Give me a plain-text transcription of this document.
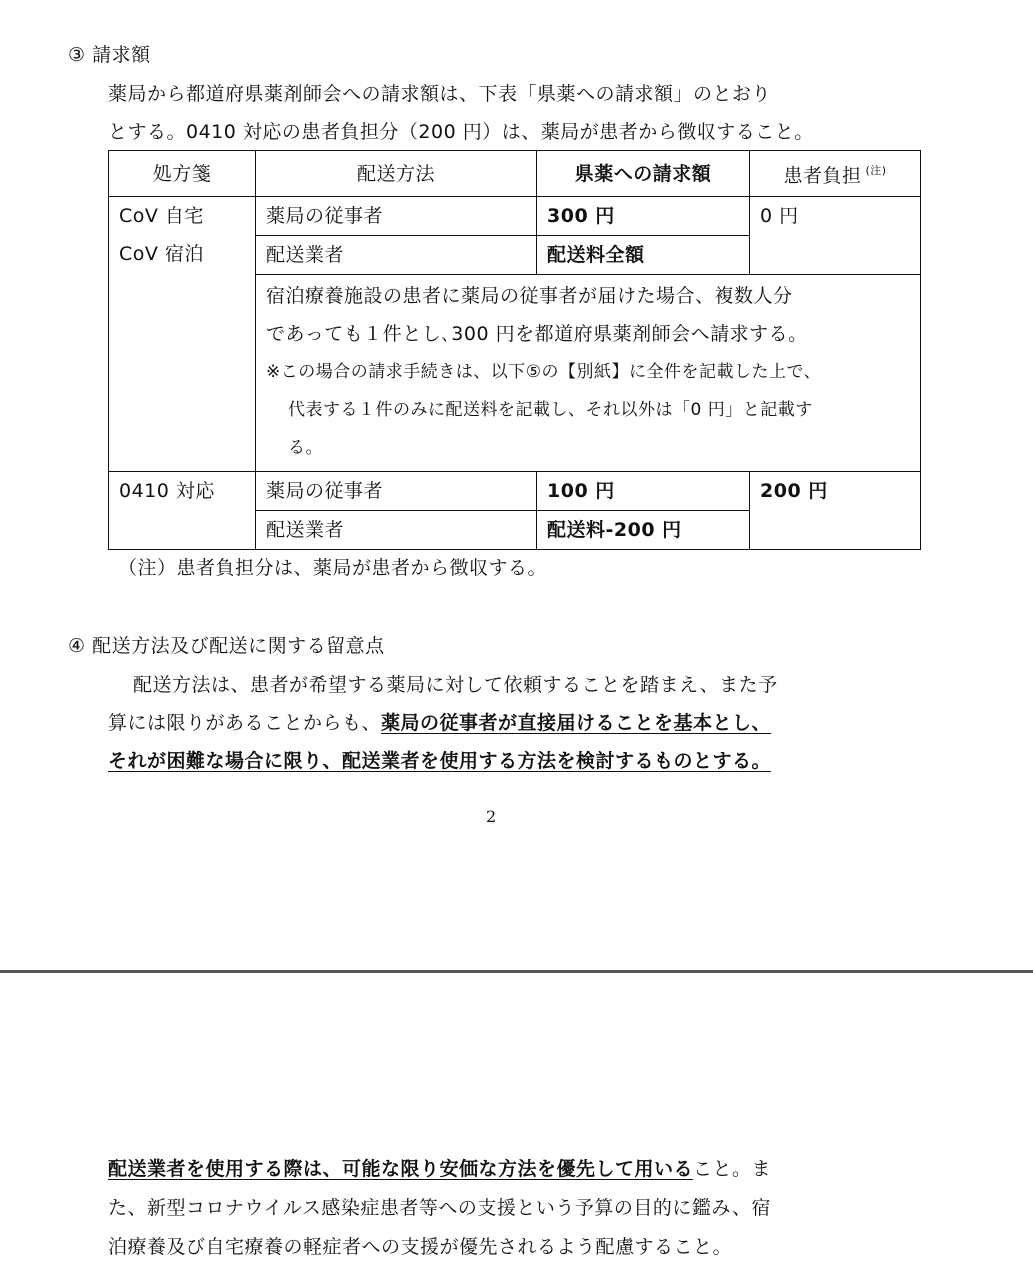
③ 請求額
薬局から都道府県薬剤師会への請求額は、下表「県薬への請求額」のとおり
とする。0410 対応の患者負担分（200 円）は、薬局が患者から徴収すること。
処方箋	配送方法	県薬への請求額	患者負担 $^{(注)}$

CoV 自宅
CoV 宿泊	薬局の従事者	300 円	0 円
	配送業者	配送料全額	

	宿泊療養施設の患者に薬局の従事者が届けた場合、複数人分
であっても１件とし､300 円を都道府県薬剤師会へ請求する。
※この場合の請求手続きは、以下⑤の【別紙】に全件を記載した上で、
代表する１件のみに配送料を記載し、それ以外は「0 円」と記載す
る。		

0410 対応	薬局の従事者	100 円	200 円
	配送業者	配送料-200 円	
（注）患者負担分は、薬局が患者から徴収する。
④ 配送方法及び配送に関する留意点
配送方法は、患者が希望する薬局に対して依頼することを踏まえ、また予
算には限りがあることからも、薬局の従事者が直接届けることを基本とし、
それが困難な場合に限り、配送業者を使用する方法を検討するものとする。
2
配送業者を使用する際は、可能な限り安価な方法を優先して用いること。ま
た、新型コロナウイルス感染症患者等への支援という予算の目的に鑑み、宿
泊療養及び自宅療養の軽症者への支援が優先されるよう配慮すること。
